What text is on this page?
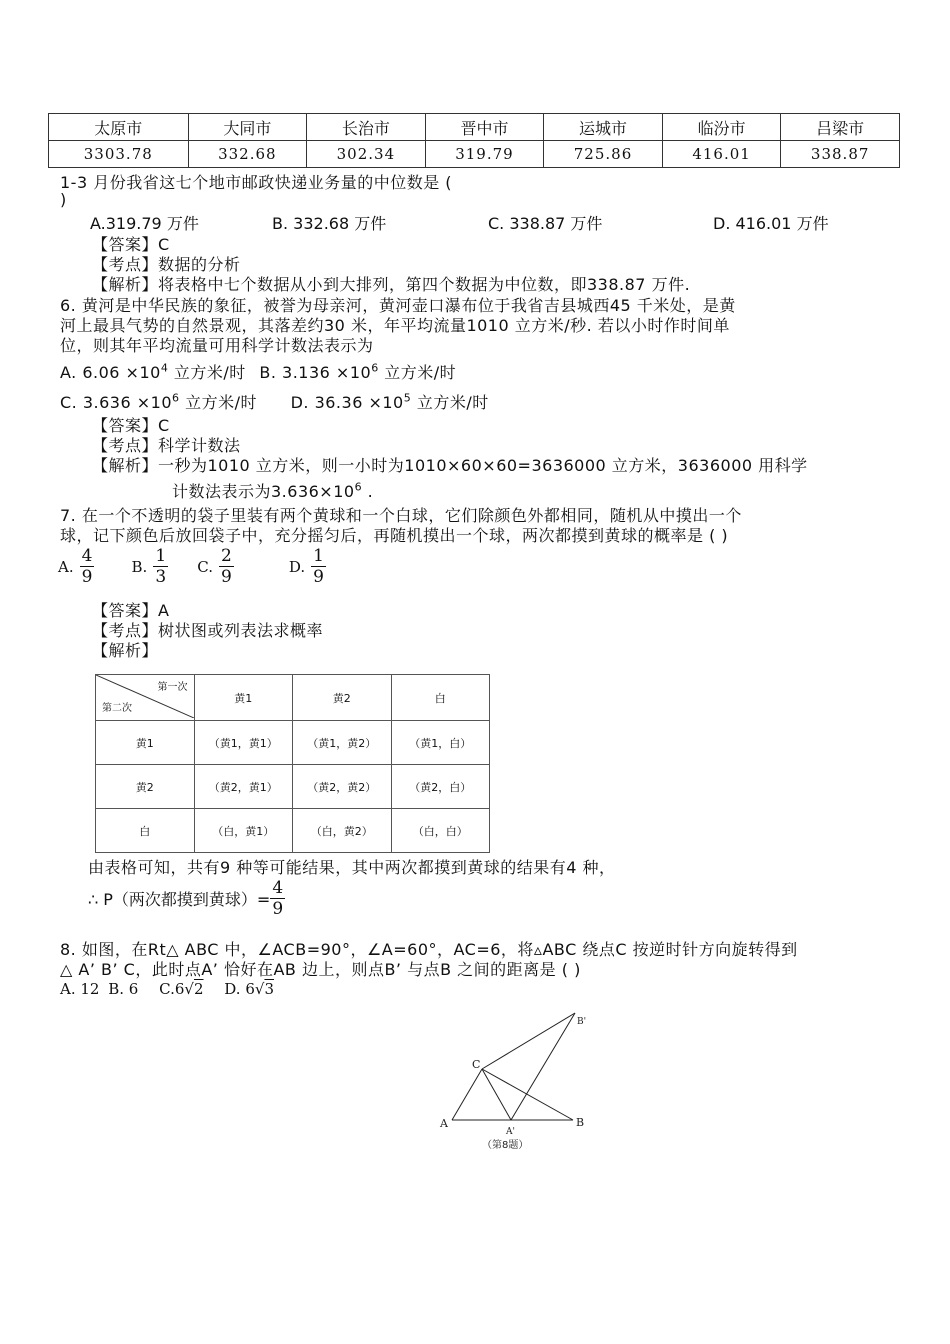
太原市	大同市	长治市	晋中市	运城市	临汾市	吕梁市
3303.78	332.68	302.34	319.79	725.86	416.01	338.87
1-3 月份我省这七个地市邮政快递业务量的中位数是 (
)
A.319.79 万件	B. 332.68 万件	C. 338.87 万件	D. 416.01 万件
【答案】C
【考点】数据的分析
【解析】将表格中七个数据从小到大排列，第四个数据为中位数，即338.87 万件.
6. 黄河是中华民族的象征，被誉为母亲河，黄河壶口瀑布位于我省吉县城西45 千米处，是黄
河上最具气势的自然景观，其落差约30 米，年平均流量1010 立方米/秒. 若以小时作时间单
位，则其年平均流量可用科学计数法表示为
A. $6.06 \times 10^4$ 立方米/时 B. $3.136 \times 10^6$ 立方米/时
C. $3.636 \times 10^6$ 立方米/时 D. $36.36 \times 10^5$ 立方米/时
【答案】C
【考点】科学计数法
【解析】一秒为1010 立方米，则一小时为1010×60×60=3636000 立方米，3636000 用科学
计数法表示为$3.636\times 10^6$ .
7. 在一个不透明的袋子里装有两个黄球和一个白球，它们除颜色外都相同，随机从中摸出一个
球，记下颜色后放回袋子中，充分摇匀后，再随机摸出一个球，两次都摸到黄球的概率是 ( )
A. $\frac{4}{9} B$. $\frac{1}{3} C$. $\frac{2}{9}$	D. $\frac{1}{9}$
【答案】A
【考点】树状图或列表法求概率
【解析】
第一次
第二次	黄1	黄2	白
黄1	（黄1，黄1）	（黄1，黄2）	（黄1，白）
黄2	（黄2，黄1）	（黄2，黄2）	（黄2，白）
白	（白，黄1）	（白，黄2）	（白，白）
由表格可知，共有9 种等可能结果，其中两次都摸到黄球的结果有4 种，
∴ P（两次都摸到黄球）= $\frac{4}{9}$
8. 如图，在Rt△ ABC 中，∠ACB=90°，∠A=60°，AC=6，将▵ABC 绕点C 按逆时针方向旋转得到
△ A’ B’ C，此时点A’ 恰好在AB 边上，则点B’ 与点B 之间的距离是 ( )
A. 12 B. 6 C.6√2 D. 6√3
A	B
C
A'
B'
（第8题）
